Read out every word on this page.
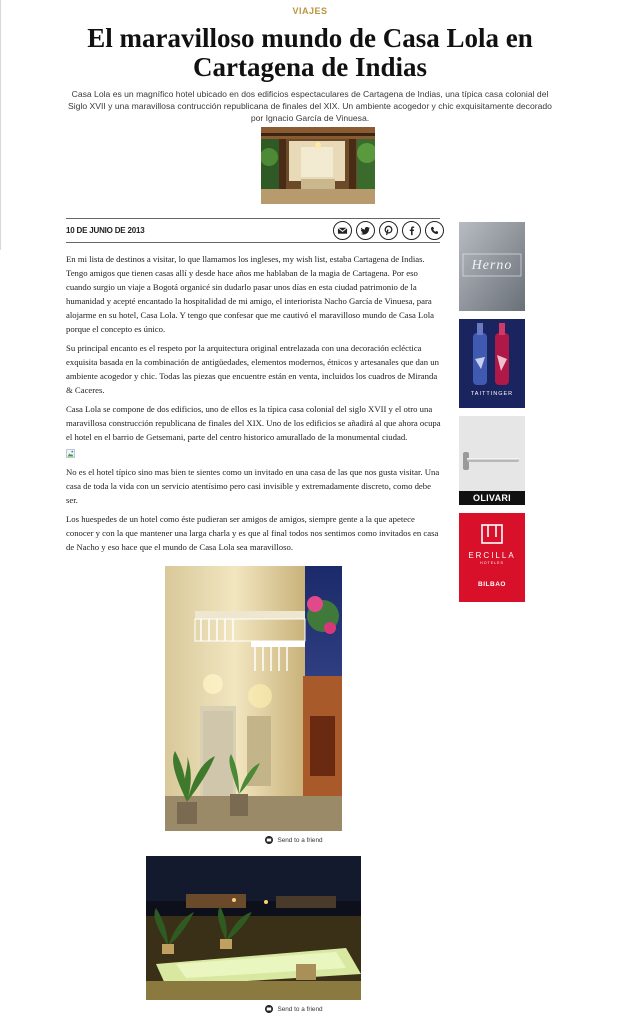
VIAJES
El maravilloso mundo de Casa Lola en Cartagena de Indias

Casa Lola es un magnífico hotel ubicado en dos edificios espectaculares de Cartagena de Indias, una típica casa colonial del Siglo XVII y una maravillosa contrucción republicana de finales del XIX. Un ambiente acogedor y chic exquisitamente decorado por Ignacio García de Vinuesa.

10 DE JUNIO DE 2013

En mi lista de destinos a visitar, lo que llamamos los ingleses, my wish list, estaba Cartagena de Indias. Tengo amigos que tienen casas allí y desde hace años me hablaban de la magia de Cartagena. Por eso cuando surgio un viaje a Bogotá organicé sin dudarlo pasar unos días en esta ciudad patrimonio de la humanidad y acepté encantado la hospitalidad de mi amigo, el interiorista Nacho García de Vinuesa, para alojarme en su hotel, Casa Lola. Y tengo que confesar que me cautivó el maravilloso mundo de Casa Lola porque el concepto es único.

Su principal encanto es el respeto por la arquitectura original entrelazada con una decoración ecléctica exquisita basada en la combinación de antigüedades, elementos modernos, étnicos y artesanales que dan un ambiente acogedor y chic. Todas las piezas que encuentre están en venta, incluidos los cuadros de Miranda & Caceres.

Casa Lola se compone de dos edificios, uno de ellos es la típica casa colonial del siglo XVII y el otro una maravillosa construcción republicana de finales del XIX. Uno de los edificios se añadirá al que ahora ocupa el hotel en el barrio de Getsemani, parte del centro historico amurallado de la monumental ciudad.

No es el hotel típico sino mas bien te sientes como un invitado en una casa de las que nos gusta visitar. Una casa de toda la vida con un servicio atentísimo pero casi invisible y extremadamente discreto, como debe ser.

Los huespedes de un hotel como éste pudieran ser amigos de amigos, siempre gente a la que apetece conocer y con la que mantener una larga charla y es que al final todos nos sentimos como invitados en casa de Nacho y eso hace que el mundo de Casa Lola sea maravilloso.

Send to a friend
Send to a friend
Herno
TAITTINGER
OLIVARI
ERCILLA
HOTELES
BILBAO
